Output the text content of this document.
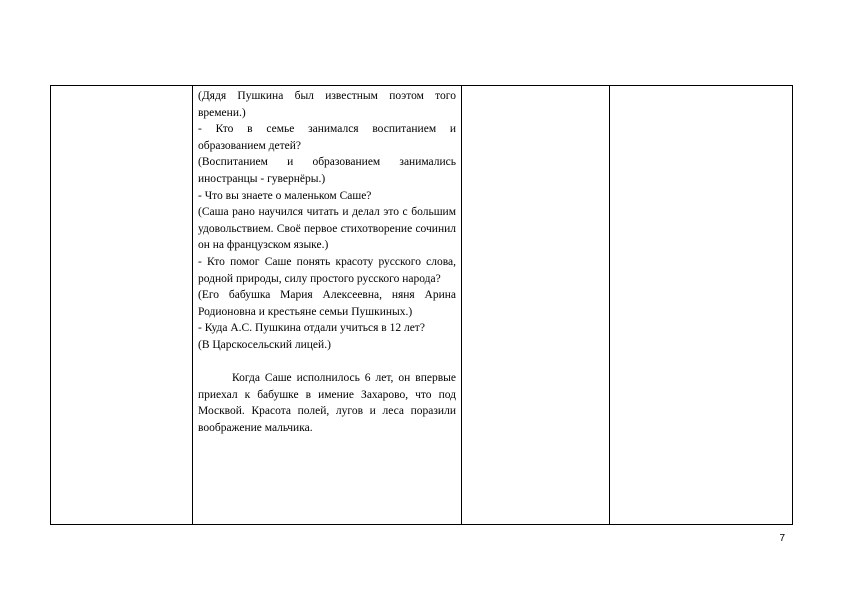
(Дядя Пушкина был известным поэтом того времени.)

- Кто в семье занимался воспитанием и образованием детей?

(Воспитанием и образованием занимались иностранцы - гувернёры.)

- Что вы знаете о маленьком Саше?

(Саша рано научился читать и делал это с большим удовольствием. Своё первое стихотворение сочинил он на французском языке.)

- Кто помог Саше понять красоту русского слова, родной природы, силу простого русского народа?

(Его бабушка Мария Алексеевна, няня Арина Родионовна и крестьяне семьи Пушкиных.)

- Куда А.С. Пушкина отдали учиться в 12 лет?

(В Царскосельский лицей.)

Когда Саше исполнилось 6 лет, он впервые приехал к бабушке в имение Захарово, что под Москвой. Красота полей, лугов и леса поразили воображение мальчика.

7
